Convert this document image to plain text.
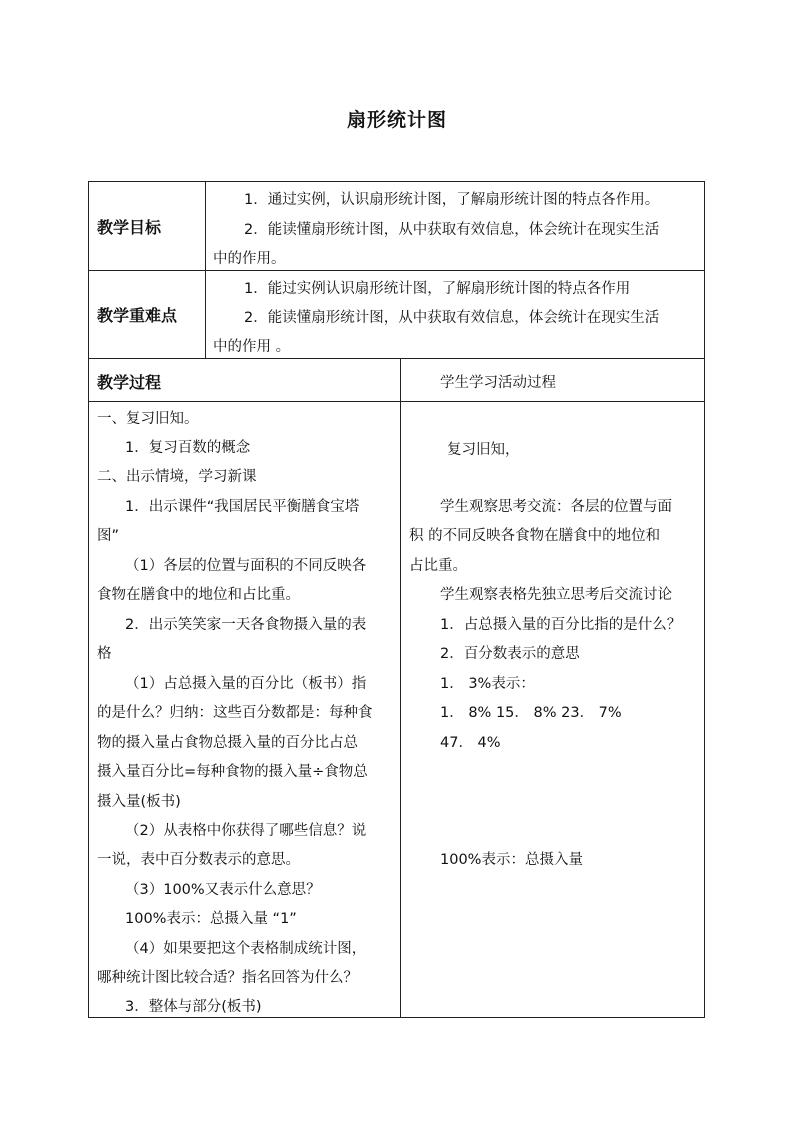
扇形统计图
教学目标
1．通过实例，认识扇形统计图，了解扇形统计图的特点各作用。
2．能读懂扇形统计图，从中获取有效信息，体会统计在现实生活
中的作用。
教学重难点
1．能过实例认识扇形统计图，了解扇形统计图的特点各作用
2．能读懂扇形统计图，从中获取有效信息，体会统计在现实生活
中的作用 。
教学过程	学生学习活动过程
一、复习旧知。
1．复习百数的概念
二、出示情境，学习新课
1．出示课件“我国居民平衡膳食宝塔
图”
（1）各层的位置与面积的不同反映各
食物在膳食中的地位和占比重。
2．出示笑笑家一天各食物摄入量的表
格
（1）占总摄入量的百分比（板书）指
的是什么？归纳：这些百分数都是：每种食
物的摄入量占食物总摄入量的百分比占总
摄入量百分比=每种食物的摄入量÷食物总
摄入量(板书)
（2）从表格中你获得了哪些信息？说
一说，表中百分数表示的意思。
（3）100%又表示什么意思？
100%表示：总摄入量 “1”
（4）如果要把这个表格制成统计图，
哪种统计图比较合适？指名回答为什么？
3．整体与部分(板书)
复习旧知，
学生观察思考交流：各层的位置与面
积 的不同反映各食物在膳食中的地位和
占比重。
学生观察表格先独立思考后交流讨论
1．占总摄入量的百分比指的是什么？
2．百分数表示的意思
1． 3%表示：
1． 8% 15． 8% 23． 7%
47． 4%
100%表示：总摄入量
